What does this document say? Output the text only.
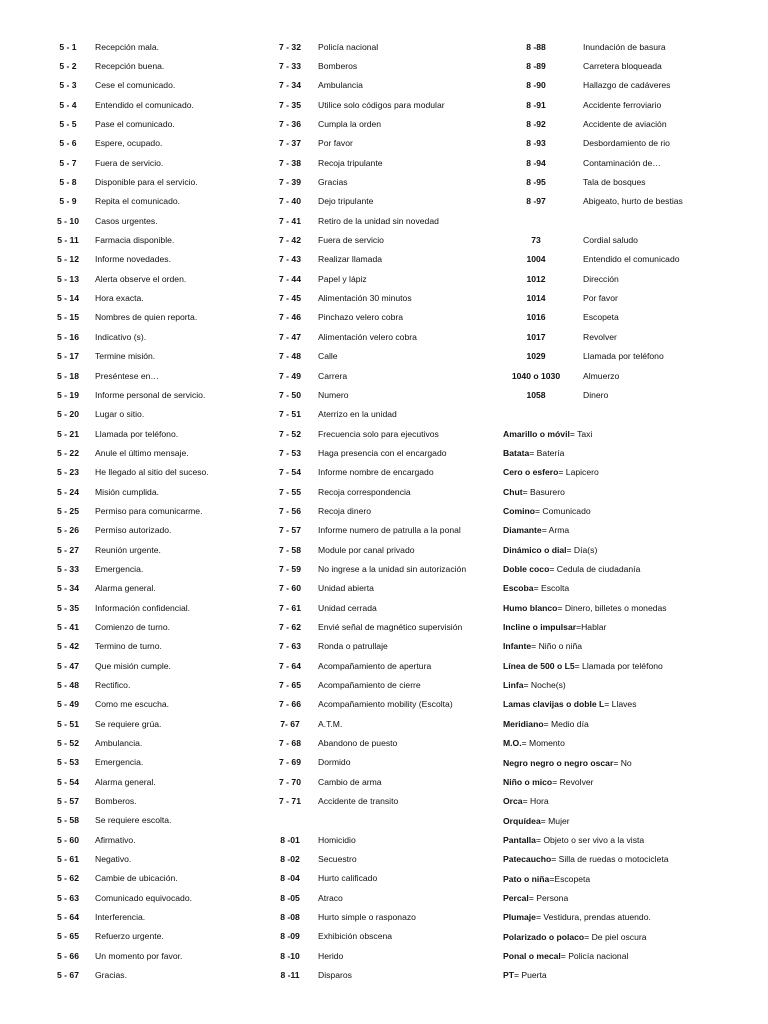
5 - 1	Recepción mala.
5 - 2	Recepción buena.
5 - 3	Cese el comunicado.
5 - 4	Entendido el comunicado.
5 - 5	Pase el comunicado.
5 - 6	Espere, ocupado.
5 - 7	Fuera de servicio.
5 - 8	Disponible para el servicio.
5 - 9	Repita el comunicado.
5 - 10	Casos urgentes.
5 - 11	Farmacia disponible.
5 - 12	Informe novedades.
5 - 13	Alerta observe el orden.
5 - 14	Hora exacta.
5 - 15	Nombres de quien reporta.
5 - 16	Indicativo (s).
5 - 17	Termine misión.
5 - 18	Preséntese en…
5 - 19	Informe personal de servicio.
5 - 20	Lugar o sitio.
5 - 21	Llamada por teléfono.
5 - 22	Anule el último mensaje.
5 - 23	He llegado al sitio del suceso.
5 - 24	Misión cumplida.
5 - 25	Permiso para comunicarme.
5 - 26	Permiso autorizado.
5 - 27	Reunión urgente.
5 - 33	Emergencia.
5 - 34	Alarma general.
5 - 35	Información confidencial.
5 - 41	Comienzo de turno.
5 - 42	Termino de turno.
5 - 47	Que misión cumple.
5 - 48	Rectifico.
5 - 49	Como me escucha.
5 - 51	Se requiere grúa.
5 - 52	Ambulancia.
5 - 53	Emergencia.
5 - 54	Alarma general.
5 - 57	Bomberos.
5 - 58	Se requiere escolta.
5 - 60	Afirmativo.
5 - 61	Negativo.
5 - 62	Cambie de ubicación.
5 - 63	Comunicado equivocado.
5 - 64	Interferencia.
5 - 65	Refuerzo urgente.
5 - 66	Un momento por favor.
5 - 67	Gracias.
7 - 32	Policía nacional
7 - 33	Bomberos
7 - 34	Ambulancia
7 - 35	Utilice solo códigos para modular
7 - 36	Cumpla la orden
7 - 37	Por favor
7 - 38	Recoja tripulante
7 - 39	Gracias
7 - 40	Dejo tripulante
7 - 41	Retiro de la unidad sin novedad
7 - 42	Fuera de servicio
7 - 43	Realizar llamada
7 - 44	Papel y lápiz
7 - 45	Alimentación 30 minutos
7 - 46	Pinchazo velero cobra
7 - 47	Alimentación velero cobra
7 - 48	Calle
7 - 49	Carrera
7 - 50	Numero
7 - 51	Aterrizo en la unidad
7 - 52	Frecuencia solo para ejecutivos
7 - 53	Haga presencia con el encargado
7 - 54	Informe nombre de encargado
7 - 55	Recoja correspondencia
7 - 56	Recoja dinero
7 - 57	Informe numero de patrulla a la ponal
7 - 58	Module por canal privado
7 - 59	No ingrese a la unidad sin autorización
7 - 60	Unidad abierta
7 - 61	Unidad cerrada
7 - 62	Envié señal de magnético supervisión
7 - 63	Ronda o patrullaje
7 - 64	Acompañamiento de apertura
7 - 65	Acompañamiento de cierre
7 - 66	Acompañamiento mobility (Escolta)
7- 67	A.T.M.
7 - 68	Abandono de puesto
7 - 69	Dormido
7 - 70	Cambio de arma
7 - 71	Accidente de transito
8 -01	Homicidio
8 -02	Secuestro
8 -04	Hurto calificado
8 -05	Atraco
8 -08	Hurto simple o rasponazo
8 -09	Exhibición obscena
8 -10	Herido
8 -11	Disparos
8 -88	Inundación de basura
8 -89	Carretera bloqueada
8 -90	Hallazgo de cadáveres
8 -91	Accidente ferroviario
8 -92	Accidente de aviación
8 -93	Desbordamiento de rio
8 -94	Contaminación de…
8 -95	Tala de bosques
8 -97	Abigeato, hurto de bestias
73	Cordial saludo
1004	Entendido el comunicado
1012	Dirección
1014	Por favor
1016	Escopeta
1017	Revolver
1029	Llamada por teléfono
1040 o 1030	Almuerzo
1058	Dinero
Amarillo o móvil = Taxi
Batata = Batería
Cero o esfero = Lapicero
Chut = Basurero
Comino = Comunicado
Diamante = Arma
Dinámico o dial = Día(s)
Doble coco = Cedula de ciudadanía
Escoba = Escolta
Humo blanco = Dinero, billetes o monedas
Incline o impulsar =Hablar
Infante = Niño o niña
Línea de 500 o L5 = Llamada por teléfono
Linfa = Noche(s)
Lamas clavijas o doble L = Llaves
Meridiano = Medio día
M.O. = Momento
Negro negro o negro oscar = No
Niño o mico = Revolver
Orca = Hora
Orquídea = Mujer
Pantalla = Objeto o ser vivo a la vista
Patecaucho = Silla de ruedas o motocicleta
Pato o niña =Escopeta
Percal = Persona
Plumaje = Vestidura, prendas atuendo.
Polarizado o polaco = De piel oscura
Ponal o mecal = Policía nacional
PT = Puerta
